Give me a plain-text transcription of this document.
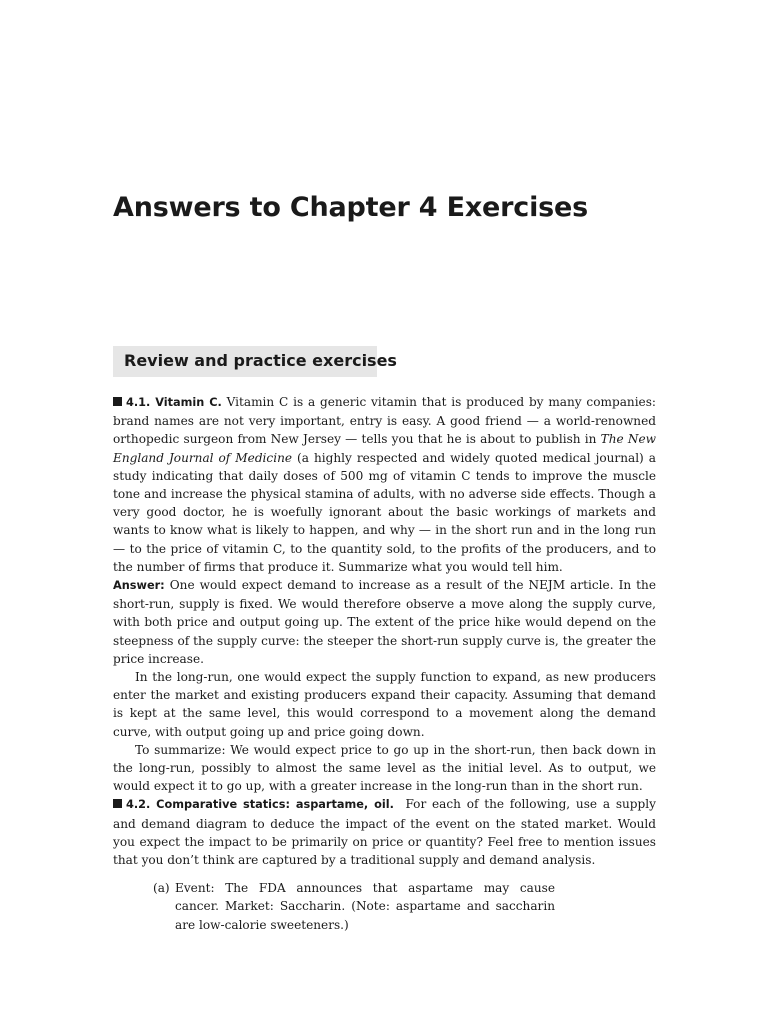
Answers to Chapter 4 Exercises
Review and practice exercises

4.1. Vitamin C. Vitamin C is a generic vitamin that is produced by many companies: brand names are not very important, entry is easy. A good friend — a world-renowned orthopedic surgeon from New Jersey — tells you that he is about to publish in The New England Journal of Medicine (a highly respected and widely quoted medical journal) a study indicating that daily doses of 500 mg of vitamin C tends to improve the muscle tone and increase the physical stamina of adults, with no adverse side effects. Though a very good doctor, he is woefully ignorant about the basic workings of markets and wants to know what is likely to happen, and why — in the short run and in the long run — to the price of vitamin C, to the quantity sold, to the profits of the producers, and to the number of firms that produce it. Summarize what you would tell him.

Answer: One would expect demand to increase as a result of the NEJM article. In the short-run, supply is fixed. We would therefore observe a move along the supply curve, with both price and output going up. The extent of the price hike would depend on the steepness of the supply curve: the steeper the short-run supply curve is, the greater the price increase.

In the long-run, one would expect the supply function to expand, as new producers enter the market and existing producers expand their capacity. Assuming that demand is kept at the same level, this would correspond to a movement along the demand curve, with output going up and price going down.

To summarize: We would expect price to go up in the short-run, then back down in the long-run, possibly to almost the same level as the initial level. As to output, we would expect it to go up, with a greater increase in the long-run than in the short run.

4.2. Comparative statics: aspartame, oil. For each of the following, use a supply and demand diagram to deduce the impact of the event on the stated market. Would you expect the impact to be primarily on price or quantity? Feel free to mention issues that you don’t think are captured by a traditional supply and demand analysis.

(a) Event: The FDA announces that aspartame may cause cancer. Market: Saccharin. (Note: aspartame and saccharin are low-calorie sweeteners.)
